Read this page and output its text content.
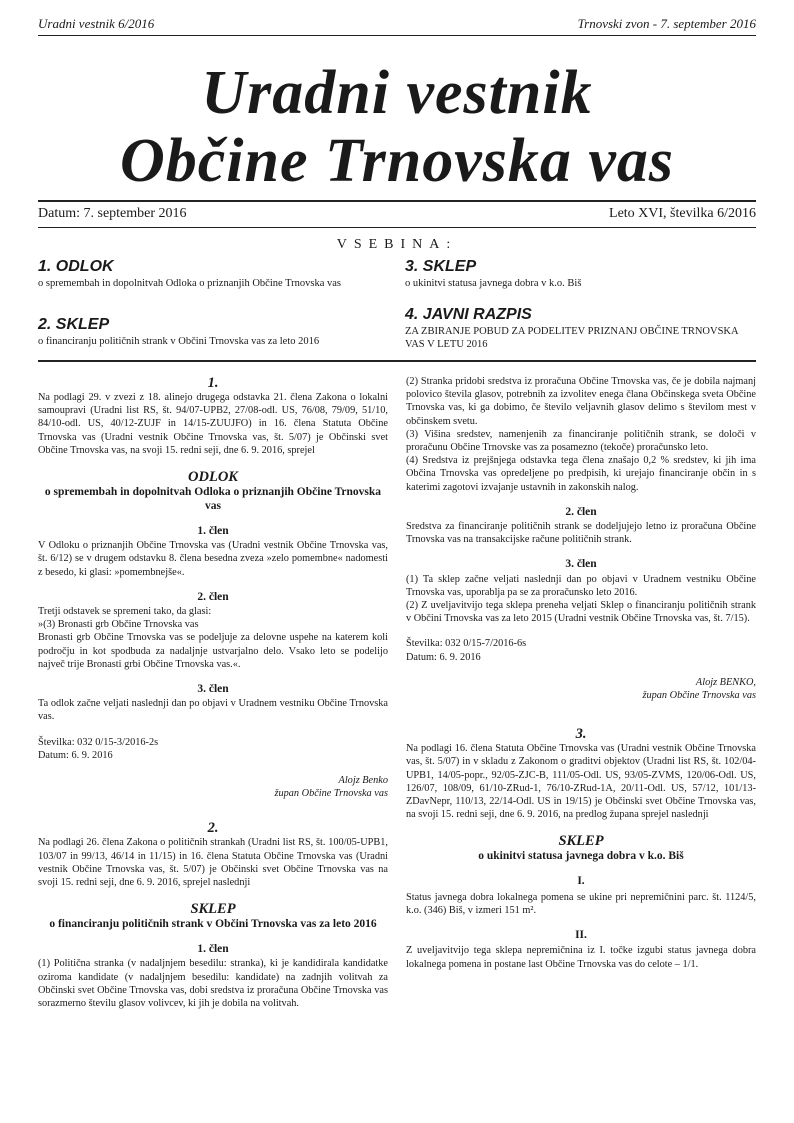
Uradni vestnik 6/2016	Trnovski zvon - 7. september 2016
Uradni vestnik
Občine Trnovska vas
Datum: 7. september 2016	Leto XVI, številka 6/2016
VSEBINA:
1. ODLOK
o spremembah in dopolnitvah Odloka o priznanjih Občine Trnovska vas
2. SKLEP
o financiranju političnih strank v Občini Trnovska vas za leto 2016
3. SKLEP
o ukinitvi statusa javnega dobra v k.o. Biš
4. JAVNI RAZPIS
ZA ZBIRANJE POBUD ZA PODELITEV PRIZNANJ OBČINE TRNOVSKA VAS V LETU 2016

1.

Na podlagi 29. v zvezi z 18. alinejo drugega odstavka 21. člena Zakona o lokalni samoupravi (Uradni list RS, št. 94/07-UPB2, 27/08-odl. US, 76/08, 79/09, 51/10, 84/10-odl. US, 40/12-ZUJF in 14/15-ZUUJFO) in 16. člena Statuta Občine Trnovska vas (Uradni vestnik Občine Trnovska vas, št. 5/07) je Občinski svet Občine Trnovska vas, na svoji 15. redni seji, dne 6. 9. 2016, sprejel

ODLOK
o spremembah in dopolnitvah Odloka o priznanjih Občine Trnovska vas
1. člen

V Odloku o priznanjih Občine Trnovska vas (Uradni vestnik Občine Trnovska vas, št. 6/12) se v drugem odstavku 8. člena besedna zveza »zelo pomembne« nadomesti z besedo, ki glasi: »pomembnejše«.

2. člen

Tretji odstavek se spremeni tako, da glasi:

»(3) Bronasti grb Občine Trnovska vas

Bronasti grb Občine Trnovska vas se podeljuje za delovne uspehe na katerem koli področju in kot spodbuda za nadaljnje ustvarjalno delo. Vsako leto se podelijo največ trije Bronasti grbi Občine Trnovska vas.«.

3. člen

Ta odlok začne veljati naslednji dan po objavi v Uradnem vestniku Občine Trnovska vas.

Številka: 032 0/15-3/2016-2s

Datum: 6. 9. 2016

Alojz Benko

župan Občine Trnovska vas

2.

Na podlagi 26. člena Zakona o političnih strankah (Uradni list RS, št. 100/05-UPB1, 103/07 in 99/13, 46/14 in 11/15) in 16. člena Statuta Občine Trnovska vas (Uradni vestnik Občine Trnovska vas, št. 5/07) je Občinski svet Občine Trnovska vas na svoji 15. redni seji, dne 6. 9. 2016, sprejel naslednji

SKLEP
o financiranju političnih strank v Občini Trnovska vas za leto 2016
1. člen

(1) Politična stranka (v nadaljnjem besedilu: stranka), ki je kandidirala kandidatke oziroma kandidate (v nadaljnjem besedilu: kandidate) na zadnjih volitvah za Občinski svet Občine Trnovska vas, dobi sredstva iz proračuna Občine Trnovska vas sorazmerno številu glasov volivcev, ki jih je dobila na volitvah.

(2) Stranka pridobi sredstva iz proračuna Občine Trnovska vas, če je dobila najmanj polovico števila glasov, potrebnih za izvolitev enega člana Občinskega sveta Občine Trnovska vas, ki ga dobimo, če število veljavnih glasov delimo s številom mest v občinskem svetu.

(3) Višina sredstev, namenjenih za financiranje političnih strank, se določi v proračunu Občine Trnovske vas za posamezno (tekoče) proračunsko leto.

(4) Sredstva iz prejšnjega odstavka tega člena znašajo 0,2 % sredstev, ki jih ima Občina Trnovska vas opredeljene po predpisih, ki urejajo financiranje občin in s katerimi zagotovi izvajanje ustavnih in zakonskih nalog.

2. člen

Sredstva za financiranje političnih strank se dodeljujejo letno iz proračuna Občine Trnovska vas na transakcijske račune političnih strank.

3. člen

(1) Ta sklep začne veljati naslednji dan po objavi v Uradnem vestniku Občine Trnovska vas, uporablja pa se za proračunsko leto 2016.

(2) Z uveljavitvijo tega sklepa preneha veljati Sklep o financiranju političnih strank v Občini Trnovska vas za leto 2015 (Uradni vestnik Občine Trnovska vas, št. 7/15).

Številka: 032 0/15-7/2016-6s

Datum: 6. 9. 2016

Alojz BENKO,

župan Občine Trnovska vas

3.

Na podlagi 16. člena Statuta Občine Trnovska vas (Uradni vestnik Občine Trnovska vas, št. 5/07) in v skladu z Zakonom o graditvi objektov (Uradni list RS, št. 102/04-UPB1, 14/05-popr., 92/05-ZJC-B, 111/05-Odl. US, 93/05-ZVMS, 120/06-Odl. US, 126/07, 108/09, 61/10-ZRud-1, 76/10-ZRud-1A, 20/11-Odl. US, 57/12, 101/13-ZDavNepr, 110/13, 22/14-Odl. US in 19/15) je Občinski svet Občine Trnovska vas, na svoji 15. redni seji, dne 6. 9. 2016, na predlog župana sprejel naslednji

SKLEP
o ukinitvi statusa javnega dobra v k.o. Biš
I.

Status javnega dobra lokalnega pomena se ukine pri nepremičnini parc. št. 1124/5, k.o. (346) Biš, v izmeri 151 m².

II.

Z uveljavitvijo tega sklepa nepremičnina iz I. točke izgubi status javnega dobra lokalnega pomena in postane last Občine Trnovska vas do celote – 1/1.
